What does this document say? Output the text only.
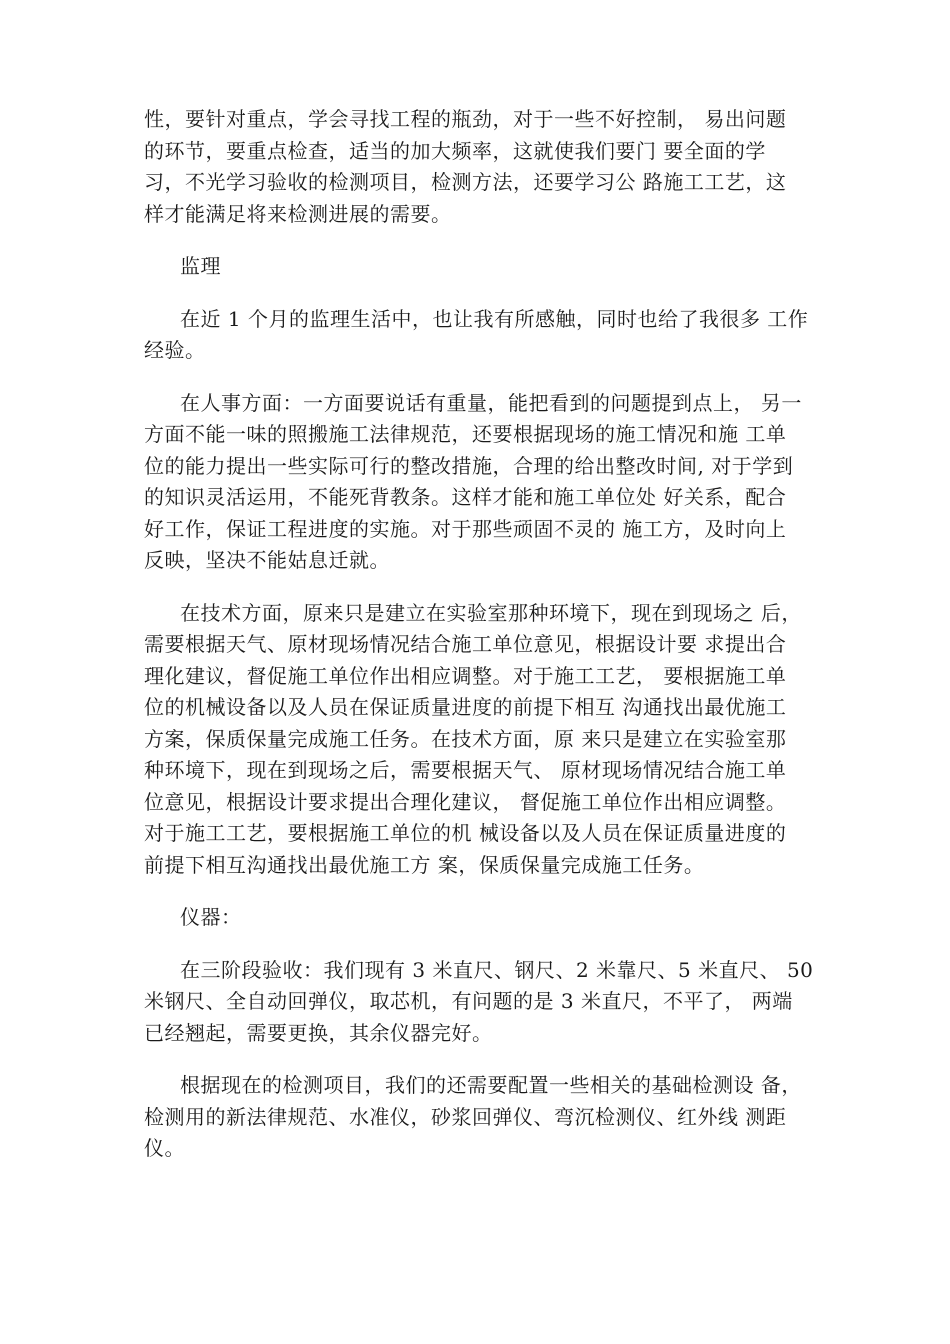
性，要针对重点，学会寻找工程的瓶劲，对于一些不好控制， 易出问题
的环节，要重点检查，适当的加大频率，这就使我们要门 要全面的学
习，不光学习验收的检测项目，检测方法，还要学习公 路施工工艺，这
样才能满足将来检测进展的需要。
监理
在近 1 个月的监理生活中，也让我有所感触，同时也给了我很多 工作
经验。
在人事方面：一方面要说话有重量，能把看到的问题提到点上， 另一
方面不能一味的照搬施工法律规范，还要根据现场的施工情况和施 工单
位的能力提出一些实际可行的整改措施，合理的给出整改时间, 对于学到
的知识灵活运用，不能死背教条。这样才能和施工单位处 好关系，配合
好工作，保证工程进度的实施。对于那些顽固不灵的 施工方，及时向上
反映，坚决不能姑息迁就。
在技术方面，原来只是建立在实验室那种环境下，现在到现场之 后，
需要根据天气、原材现场情况结合施工单位意见，根据设计要 求提出合
理化建议，督促施工单位作出相应调整。对于施工工艺， 要根据施工单
位的机械设备以及人员在保证质量进度的前提下相互 沟通找出最优施工
方案，保质保量完成施工任务。在技术方面，原 来只是建立在实验室那
种环境下，现在到现场之后，需要根据天气、 原材现场情况结合施工单
位意见，根据设计要求提出合理化建议， 督促施工单位作出相应调整。
对于施工工艺，要根据施工单位的机 械设备以及人员在保证质量进度的
前提下相互沟通找出最优施工方 案，保质保量完成施工任务。
仪器：
在三阶段验收：我们现有 3 米直尺、钢尺、2 米靠尺、5 米直尺、 50
米钢尺、全自动回弹仪，取芯机，有问题的是 3 米直尺，不平了， 两端
已经翘起，需要更换，其余仪器完好。
根据现在的检测项目，我们的还需要配置一些相关的基础检测设 备，
检测用的新法律规范、水准仪，砂浆回弹仪、弯沉检测仪、红外线 测距
仪。
